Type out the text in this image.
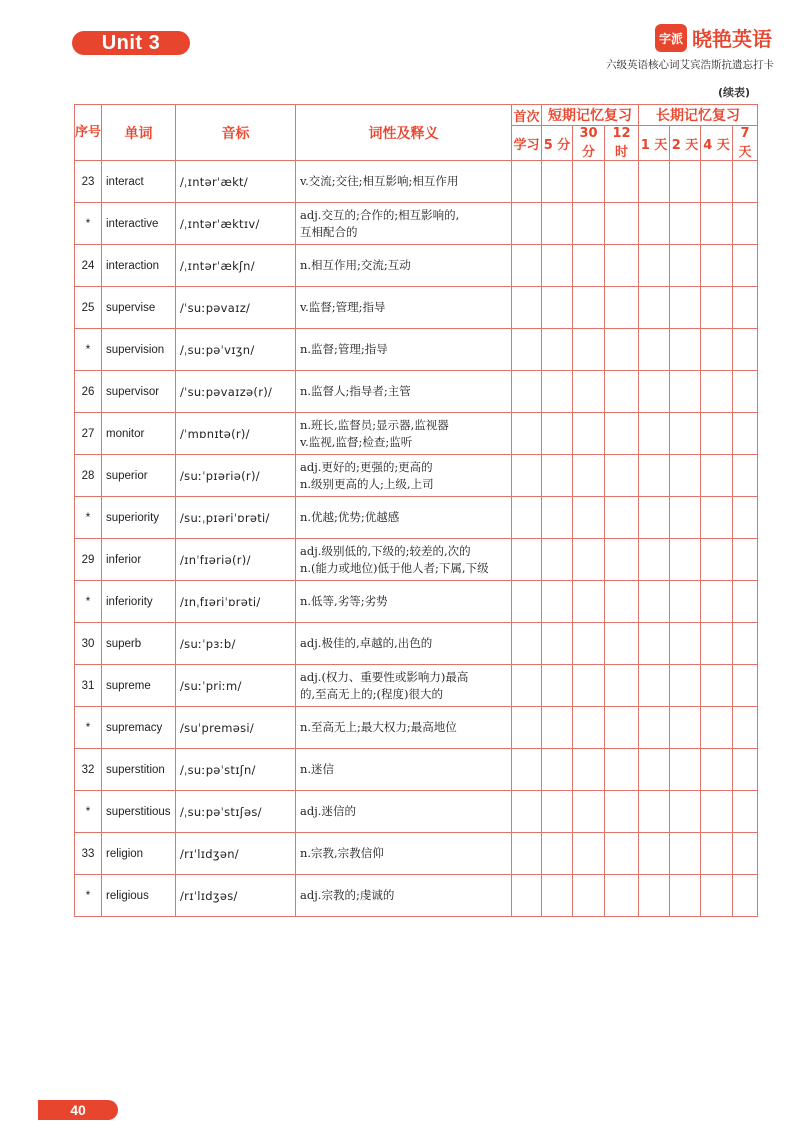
Unit 3	字派 晓艳英语
六级英语核心词艾宾浩斯抗遗忘打卡
(续表)
序号	单词	音标	词性及释义	首次	短期记忆复习			长期记忆复习			
				学习	5 分	30 分	12 时	1 天	2 天	4 天	7 天
23	interact	/ˌɪntərˈækt/	v.交流;交往;相互影响;相互作用								

*	interactive	/ˌɪntərˈæktɪv/	adj.交互的;合作的;相互影响的,
互相配合的								

24	interaction	/ˌɪntərˈækʃn/	n.相互作用;交流;互动								

25	supervise	/ˈsuːpəvaɪz/	v.监督;管理;指导								

*	supervision	/ˌsuːpəˈvɪʒn/	n.监督;管理;指导								

26	supervisor	/ˈsuːpəvaɪzə(r)/	n.监督人;指导者;主管								

27	monitor	/ˈmɒnɪtə(r)/	n.班长,监督员;显示器,监视器
v.监视,监督;检查;监听								

28	superior	/suːˈpɪəriə(r)/	adj.更好的;更强的;更高的
n.级别更高的人;上级,上司								

*	superiority	/suːˌpɪəriˈɒrəti/	n.优越;优势;优越感								

29	inferior	/ɪnˈfɪəriə(r)/	adj.级别低的,下级的;较差的,次的
n.(能力或地位)低于他人者;下属,下级								

*	inferiority	/ɪnˌfɪəriˈɒrəti/	n.低等,劣等;劣势								

30	superb	/suːˈpɜːb/	adj.极佳的,卓越的,出色的								

31	supreme	/suːˈpriːm/	adj.(权力、重要性或影响力)最高
的,至高无上的;(程度)很大的								

*	supremacy	/suˈpreməsi/	n.至高无上;最大权力;最高地位								

32	superstition	/ˌsuːpəˈstɪʃn/	n.迷信								

*	superstitious	/ˌsuːpəˈstɪʃəs/	adj.迷信的								

33	religion	/rɪˈlɪdʒən/	n.宗教,宗教信仰								

*	religious	/rɪˈlɪdʒəs/	adj.宗教的;虔诚的								

40
